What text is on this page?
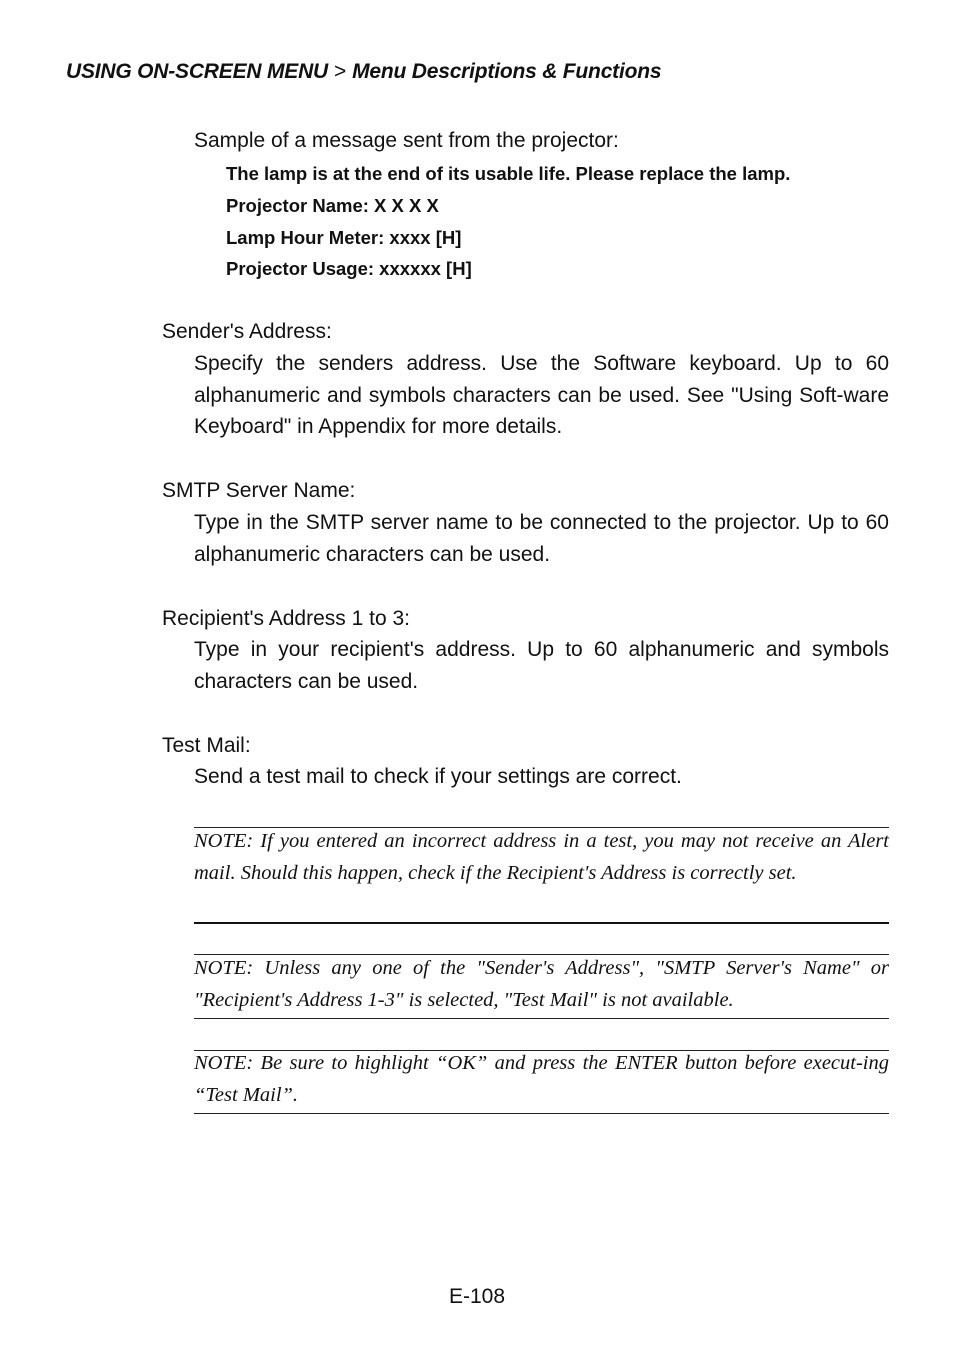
USING ON-SCREEN MENU > Menu Descriptions & Functions
Sample of a message sent from the projector:
The lamp is at the end of its usable life. Please replace the lamp.
Projector Name: X X X X
Lamp Hour Meter: xxxx [H]
Projector Usage: xxxxxx [H]
Sender's Address:
Specify the senders address. Use the Software keyboard. Up to 60 alphanumeric and symbols characters can be used. See "Using Soft-ware Keyboard" in Appendix for more details.
SMTP Server Name:
Type in the SMTP server name to be connected to the projector. Up to 60 alphanumeric characters can be used.
Recipient's Address 1 to 3:
Type in your recipient's address. Up to 60 alphanumeric and symbols characters can be used.
Test Mail:
Send a test mail to check if your settings are correct.
NOTE: If you entered an incorrect address in a test, you may not receive an Alert mail. Should this happen, check if the Recipient's Address is correctly set.
NOTE: Unless any one of the "Sender's Address", "SMTP Server's Name" or "Recipient's Address 1-3" is selected, "Test Mail" is not available.
NOTE: Be sure to highlight “OK” and press the ENTER button before execut-ing “Test Mail”.
E-108
